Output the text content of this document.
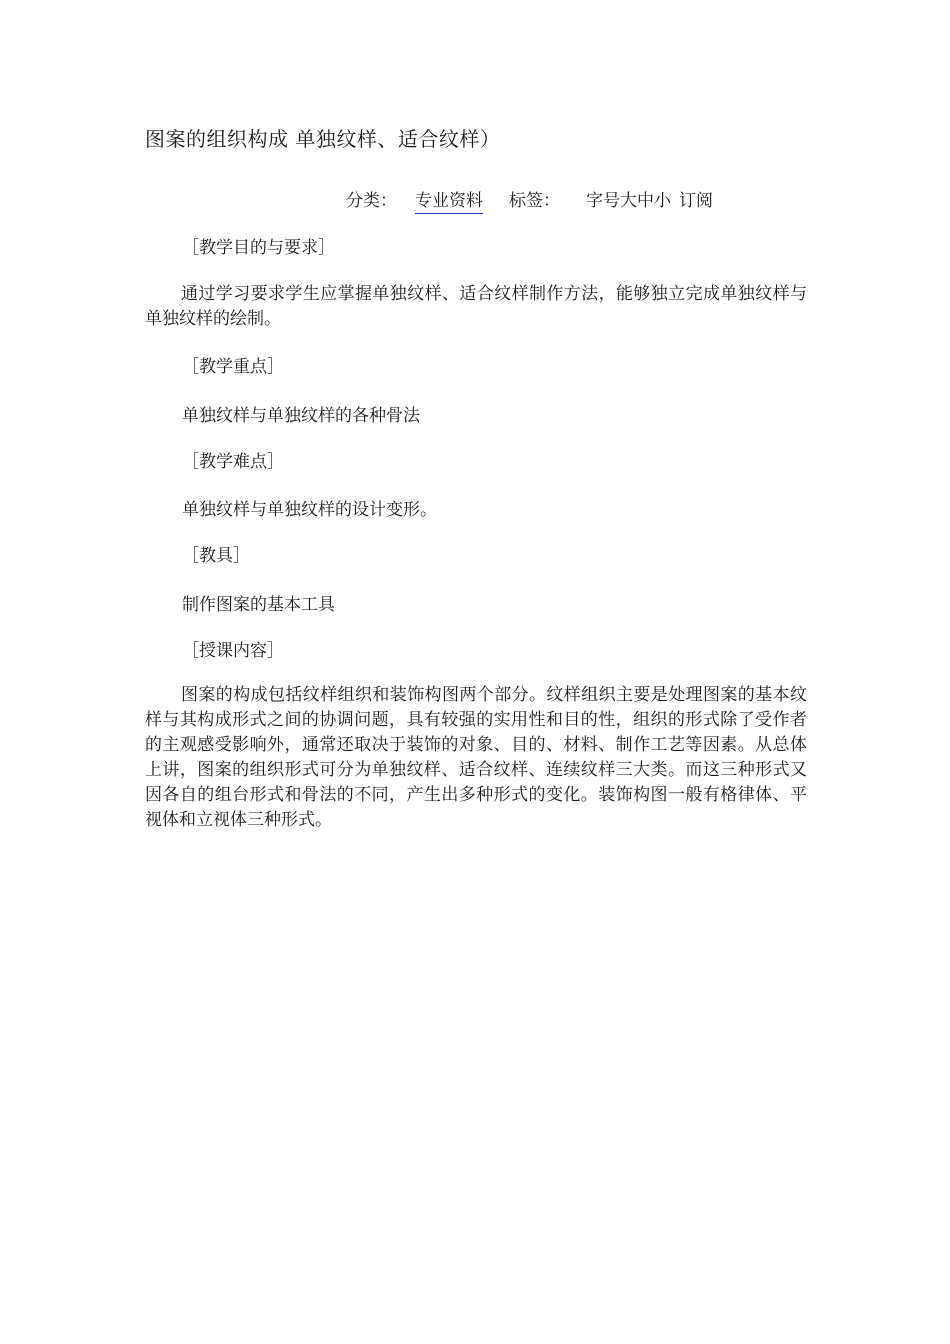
图案的组织构成 单独纹样、适合纹样）
分类： 专业资料 标签： 字号大中小 订阅
［教学目的与要求］
通过学习要求学生应掌握单独纹样、适合纹样制作方法，能够独立完成单独纹样与单独纹样的绘制。
［教学重点］
单独纹样与单独纹样的各种骨法
［教学难点］
单独纹样与单独纹样的设计变形。
［教具］
制作图案的基本工具
［授课内容］
图案的构成包括纹样组织和装饰构图两个部分。纹样组织主要是处理图案的基本纹样与其构成形式之间的协调问题，具有较强的实用性和目的性，组织的形式除了受作者的主观感受影响外，通常还取决于装饰的对象、目的、材料、制作工艺等因素。从总体上讲，图案的组织形式可分为单独纹样、适合纹样、连续纹样三大类。而这三种形式又因各自的组台形式和骨法的不同，产生出多种形式的变化。装饰构图一般有格律体、平视体和立视体三种形式。
